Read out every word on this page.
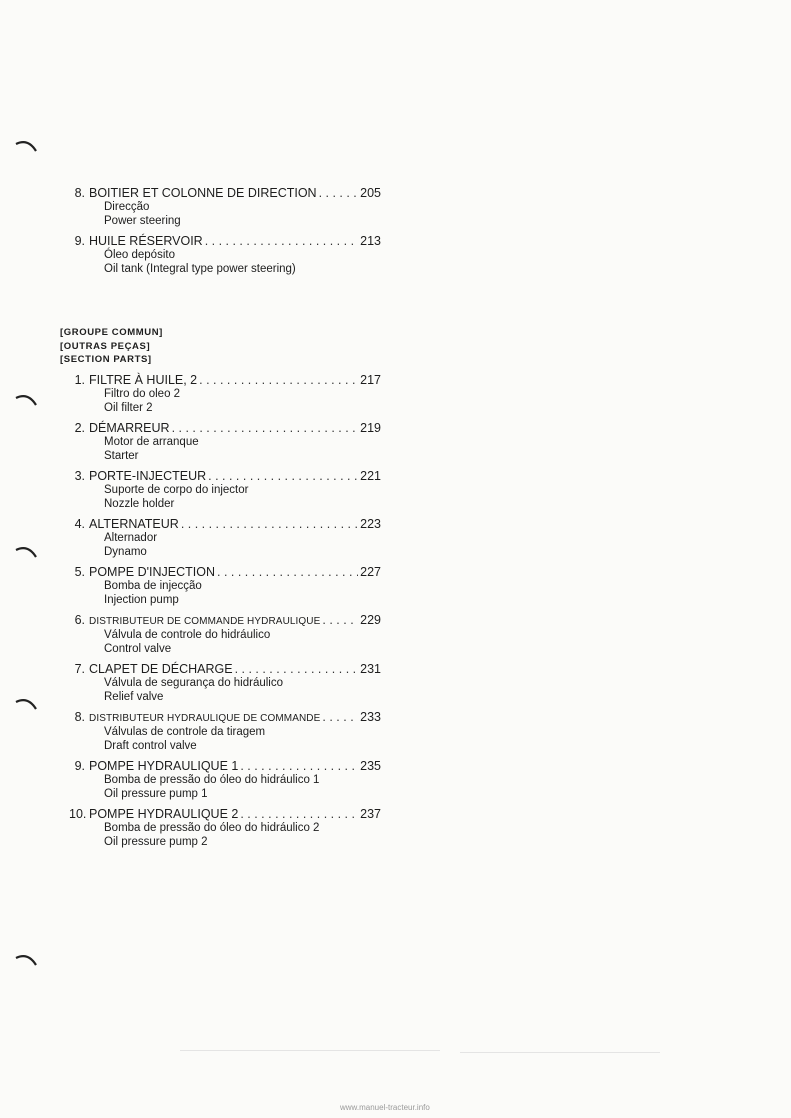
8. BOITIER ET COLONNE DE DIRECTION . . .	205
Direcção
Power steering
9. HUILE RÉSERVOIR . . .	213
Óleo depósito
Oil tank (Integral type power steering)
[GROUPE COMMUN]
[OUTRAS PEÇAS]
[SECTION PARTS]
1. FILTRE À HUILE, 2 . . .	217
Filtro do oleo 2
Oil filter 2
2. DÉMARREUR . . .	219
Motor de arranque
Starter
3. PORTE-INJECTEUR . . .	221
Suporte de corpo do injector
Nozzle holder
4. ALTERNATEUR . . .	223
Alternador
Dynamo
5. POMPE D'INJECTION . . .	227
Bomba de injecção
Injection pump
6. DISTRIBUTEUR DE COMMANDE HYDRAULIQUE . . .	229
Válvula de controle do hidráulico
Control valve
7. CLAPET DE DÉCHARGE . . .	231
Válvula de segurança do hidráulico
Relief valve
8. DISTRIBUTEUR HYDRAULIQUE DE COMMANDE . . .	233
Válvulas de controle da tiragem
Draft control valve
9. POMPE HYDRAULIQUE 1 . . .	235
Bomba de pressão do óleo do hidráulico 1
Oil pressure pump 1
10. POMPE HYDRAULIQUE 2 . . .	237
Bomba de pressão do óleo do hidráulico 2
Oil pressure pump 2
www.manuel-tracteur.info
